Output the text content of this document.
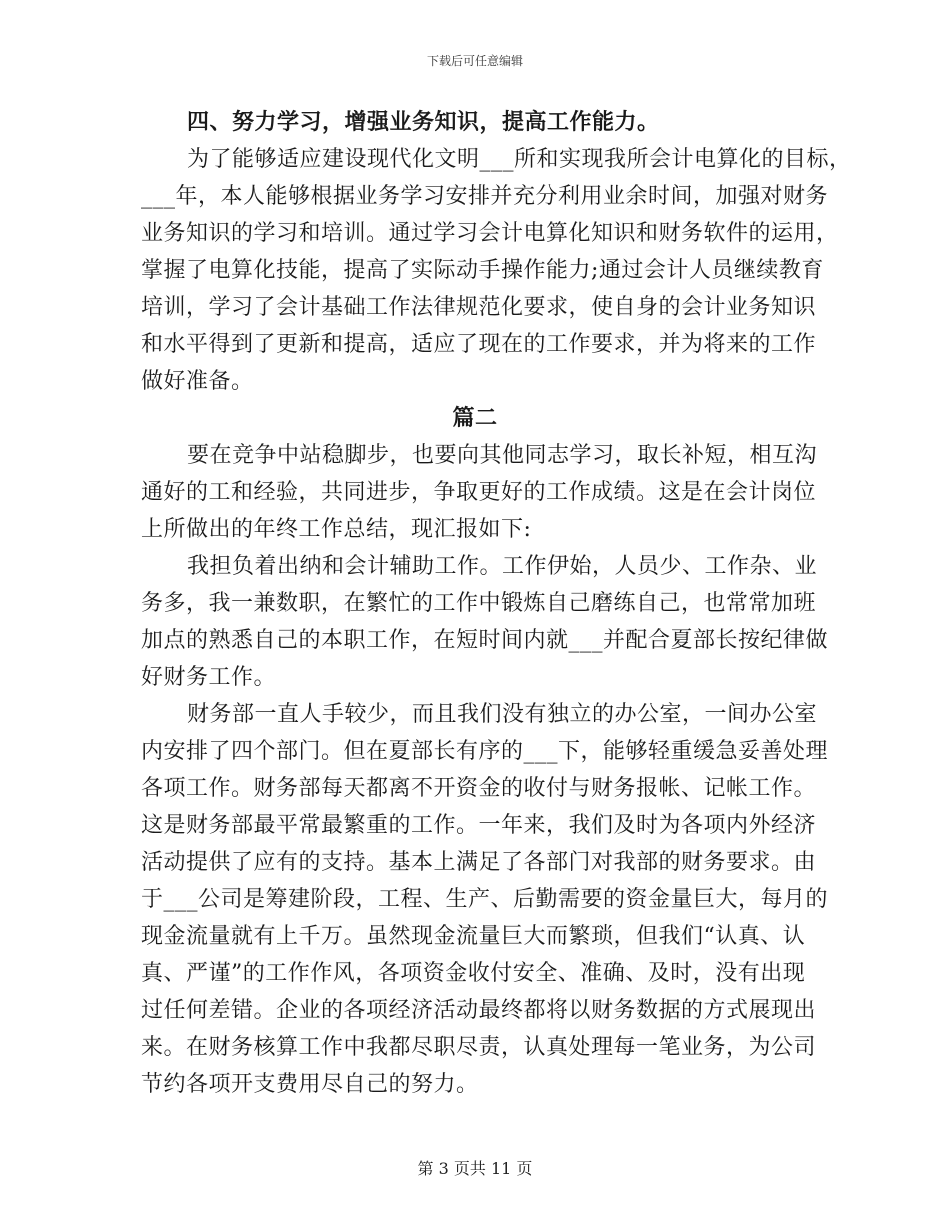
下载后可任意编辑
四、努力学习，增强业务知识，提高工作能力。
为了能够适应建设现代化文明___所和实现我所会计电算化的目标，
___年，本人能够根据业务学习安排并充分利用业余时间，加强对财务
业务知识的学习和培训。通过学习会计电算化知识和财务软件的运用，
掌握了电算化技能，提高了实际动手操作能力;通过会计人员继续教育
培训，学习了会计基础工作法律规范化要求，使自身的会计业务知识
和水平得到了更新和提高，适应了现在的工作要求，并为将来的工作
做好准备。
篇二
要在竞争中站稳脚步，也要向其他同志学习，取长补短，相互沟
通好的工和经验，共同进步，争取更好的工作成绩。这是在会计岗位
上所做出的年终工作总结，现汇报如下:
我担负着出纳和会计辅助工作。工作伊始，人员少、工作杂、业
务多，我一兼数职，在繁忙的工作中锻炼自己磨练自己，也常常加班
加点的熟悉自己的本职工作，在短时间内就___并配合夏部长按纪律做
好财务工作。
财务部一直人手较少，而且我们没有独立的办公室，一间办公室
内安排了四个部门。但在夏部长有序的___下，能够轻重缓急妥善处理
各项工作。财务部每天都离不开资金的收付与财务报帐、记帐工作。
这是财务部最平常最繁重的工作。一年来，我们及时为各项内外经济
活动提供了应有的支持。基本上满足了各部门对我部的财务要求。由
于___公司是筹建阶段，工程、生产、后勤需要的资金量巨大，每月的
现金流量就有上千万。虽然现金流量巨大而繁琐，但我们“认真、认
真、严谨”的工作作风，各项资金收付安全、准确、及时，没有出现
过任何差错。企业的各项经济活动最终都将以财务数据的方式展现出
来。在财务核算工作中我都尽职尽责，认真处理每一笔业务，为公司
节约各项开支费用尽自己的努力。
第 3 页共 11 页
